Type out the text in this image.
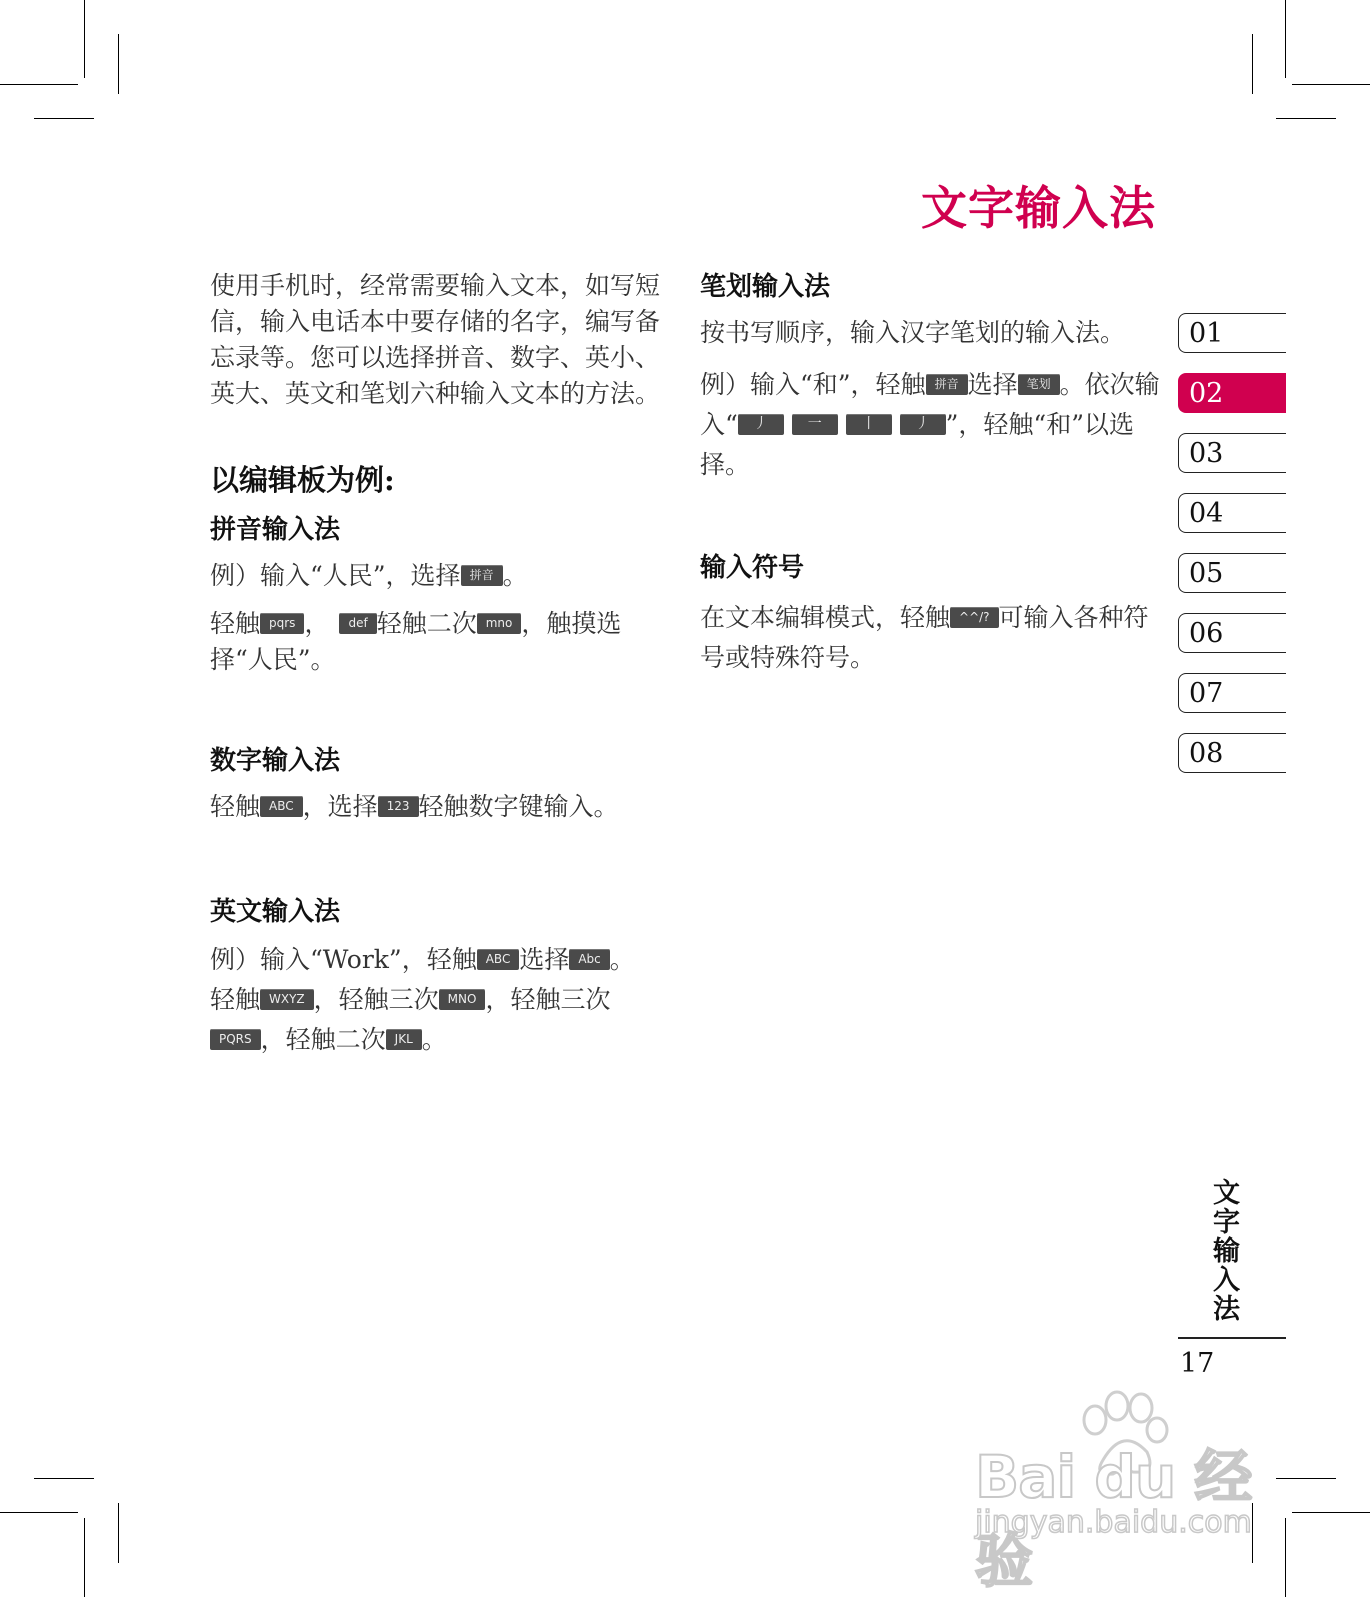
文字输入法

使用手机时，经常需要输入文本，如写短信，输入电话本中要存储的名字，编写备忘录等。您可以选择拼音、数字、英小、英大、英文和笔划六种输入文本的方法。

以编辑板为例:

拼音输入法

例）输入“人民”，选择 拼音 。

轻触 pqrs ， def 轻触二次 mno ，触摸选择“人民”。

数字输入法

轻触 ABC ，选择 123 轻触数字键输入。

英文输入法

例）输入“Work”，轻触 ABC 选择 Abc 。 轻触 WXYZ ，轻触三次 MNO ，轻触三次 PQRS ，轻触二次 JKL 。

笔划输入法

按书写顺序，输入汉字笔划的输入法。

例）输入“和”，轻触 拼音 选择 笔划 。依次输入“ 丿	一	丨	丿 ”，轻触“和”以选择。

输入符号

在文本编辑模式，轻触 ^^/? 可输入各种符号或特殊符号。

01
02
03
04
05
06
07
08
文字输入法
17
Bai du 经验
jingyan.baidu.com
